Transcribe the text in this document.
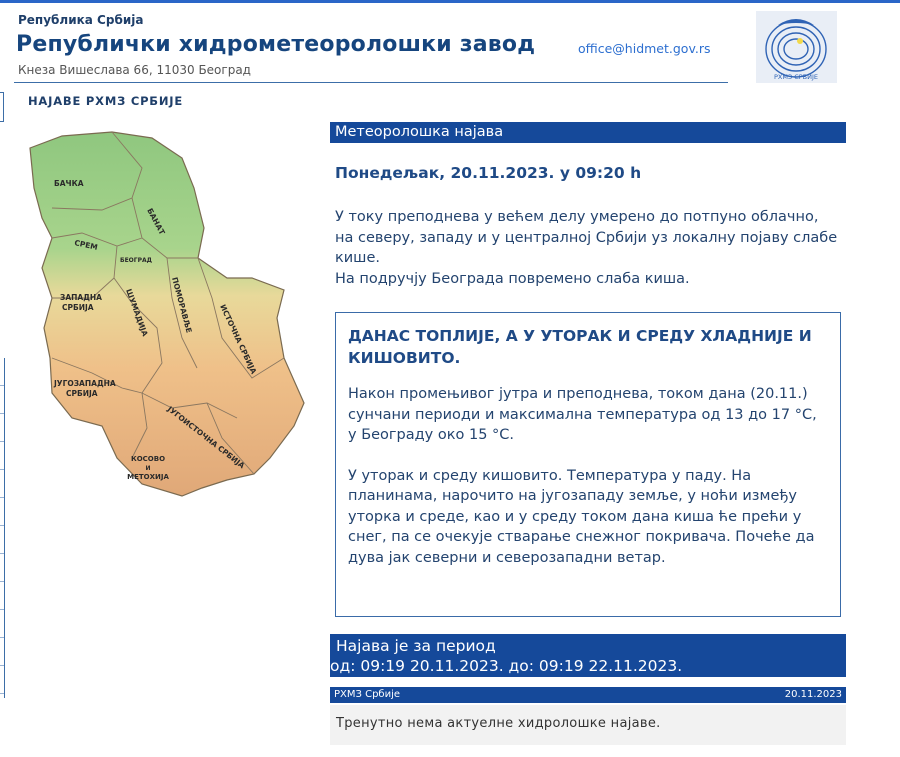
Република Србија
Републички хидрометеоролошки завод
Кнеза Вишеслава 66, 11030 Београд
office@hidmet.gov.rs
РХМЗ СРБИЈЕ
НАЈАВЕ РХМЗ СРБИЈЕ
БАЧКА
БАНАТ
СРЕМ
БЕОГРАД
ЗАПАДНА
СРБИЈА	ШУМАДИЈА	ПОМОРАВЉЕ	ИСТОЧНА СРБИЈА
ЈУГОЗАПАДНА
СРБИЈА
ЈУГОИСТОЧНА СРБИЈА
КОСОВО
И
МЕТОХИЈА
Метеоролошка најава
Понедељак, 20.11.2023. у 09:20 h

У току преподнева у већем делу умерено до потпуно облачно, на северу, западу и у централној Србији уз локалну појаву слабе кише.

На подручју Београда повремено слаба киша.

ДАНАС ТОПЛИЈЕ, А У УТОРАК И СРЕДУ ХЛАДНИЈЕ И КИШОВИТО.

Након промењивог јутра и преподнева, током дана (20.11.) сунчани периоди и максимална температура од 13 до 17 °C, у Београду око 15 °C.

У уторак и среду кишовито. Температура у паду. На планинама, нарочито на југозападу земље, у ноћи између уторка и среде, као и у среду током дана киша ће прећи у снег, па се очекује стварање снежног покривача. Почеће да дува јак северни и северозападни ветар.

Најава је за период
од: 09:19 20.11.2023. до: 09:19 22.11.2023.
РХМЗ Србије	20.11.2023
Тренутно нема актуелне хидролошке најаве.
